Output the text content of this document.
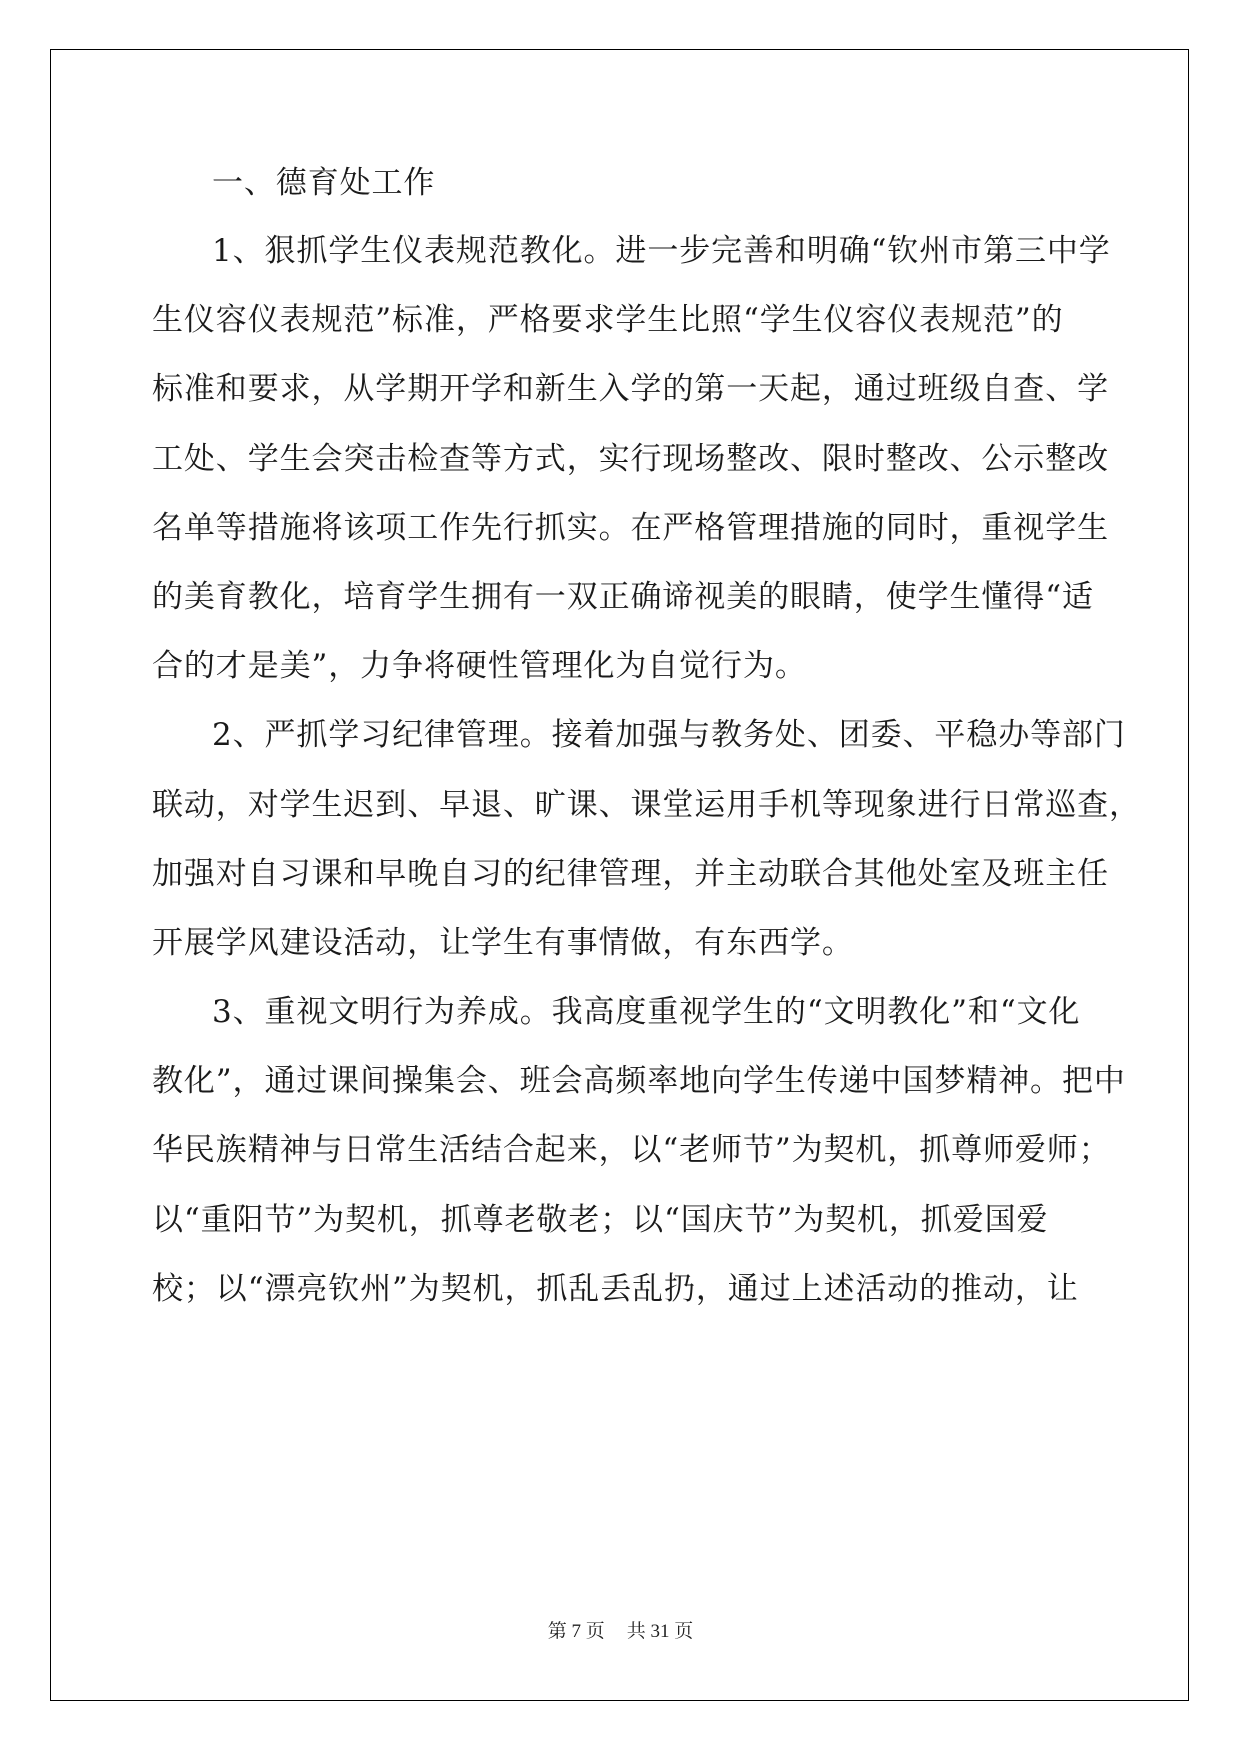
一、德育处工作
1、狠抓学生仪表规范教化。进一步完善和明确“钦州市第三中学
生仪容仪表规范”标准，严格要求学生比照“学生仪容仪表规范”的
标准和要求，从学期开学和新生入学的第一天起，通过班级自查、学
工处、学生会突击检查等方式，实行现场整改、限时整改、公示整改
名单等措施将该项工作先行抓实。在严格管理措施的同时，重视学生
的美育教化，培育学生拥有一双正确谛视美的眼睛，使学生懂得“适
合的才是美”，力争将硬性管理化为自觉行为。
2、严抓学习纪律管理。接着加强与教务处、团委、平稳办等部门
联动，对学生迟到、早退、旷课、课堂运用手机等现象进行日常巡查，
加强对自习课和早晚自习的纪律管理，并主动联合其他处室及班主任
开展学风建设活动，让学生有事情做，有东西学。
3、重视文明行为养成。我高度重视学生的“文明教化”和“文化
教化”，通过课间操集会、班会高频率地向学生传递中国梦精神。把中
华民族精神与日常生活结合起来，以“老师节”为契机，抓尊师爱师；
以“重阳节”为契机，抓尊老敬老；以“国庆节”为契机，抓爱国爱
校；以“漂亮钦州”为契机，抓乱丢乱扔，通过上述活动的推动，让
第 7 页 共 31 页
